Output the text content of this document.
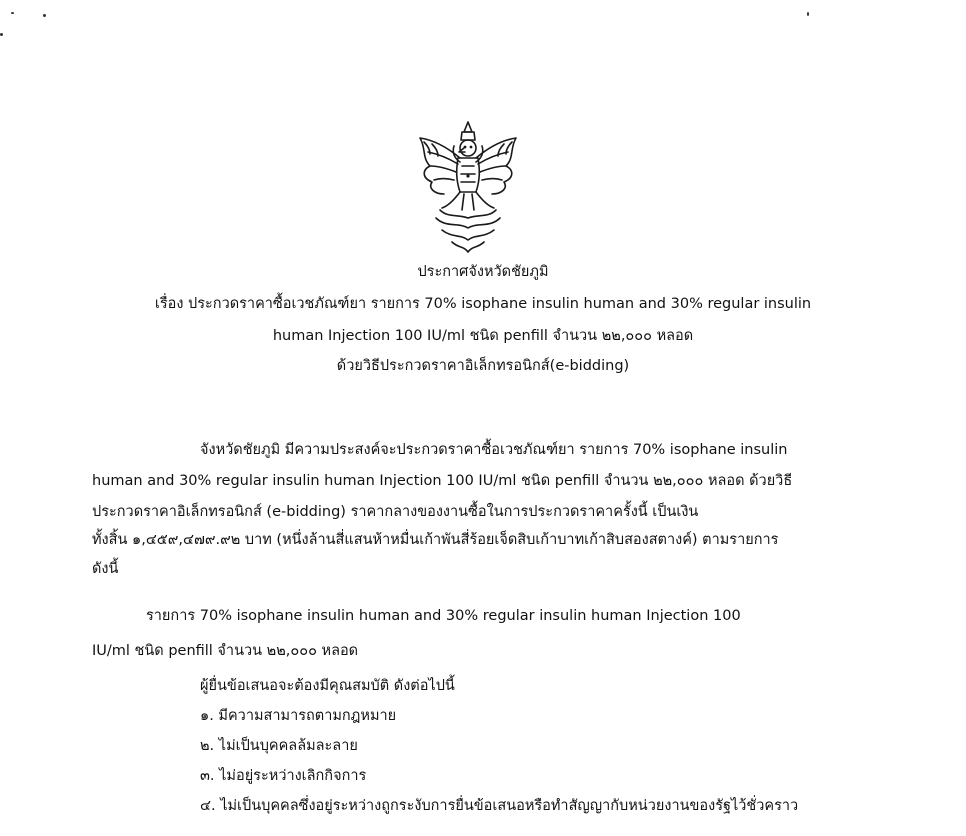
ประกาศจังหวัดชัยภูมิ
เรื่อง ประกวดราคาซื้อเวชภัณฑ์ยา รายการ 70% isophane insulin human and 30% regular insulin
human Injection 100 IU/ml ชนิด penfill จำนวน ๒๒,๐๐๐ หลอด
ด้วยวิธีประกวดราคาอิเล็กทรอนิกส์(e-bidding)
จังหวัดชัยภูมิ มีความประสงค์จะประกวดราคาซื้อเวชภัณฑ์ยา รายการ 70% isophane insulin
human and 30% regular insulin human Injection 100 IU/ml ชนิด penfill จำนวน ๒๒,๐๐๐ หลอด ด้วยวิธี
ประกวดราคาอิเล็กทรอนิกส์ (e-bidding) ราคากลางของงานซื้อในการประกวดราคาครั้งนี้ เป็นเงิน
ทั้งสิ้น ๑,๔๕๙,๔๗๙.๙๒ บาท (หนึ่งล้านสี่แสนห้าหมื่นเก้าพันสี่ร้อยเจ็ดสิบเก้าบาทเก้าสิบสองสตางค์) ตามรายการ
ดังนี้
รายการ 70% isophane insulin human and 30% regular insulin human Injection 100
IU/ml ชนิด penfill จำนวน ๒๒,๐๐๐ หลอด
ผู้ยื่นข้อเสนอจะต้องมีคุณสมบัติ ดังต่อไปนี้
๑. มีความสามารถตามกฎหมาย
๒. ไม่เป็นบุคคลล้มละลาย
๓. ไม่อยู่ระหว่างเลิกกิจการ
๔. ไม่เป็นบุคคลซึ่งอยู่ระหว่างถูกระงับการยื่นข้อเสนอหรือทำสัญญากับหน่วยงานของรัฐไว้ชั่วคราว
